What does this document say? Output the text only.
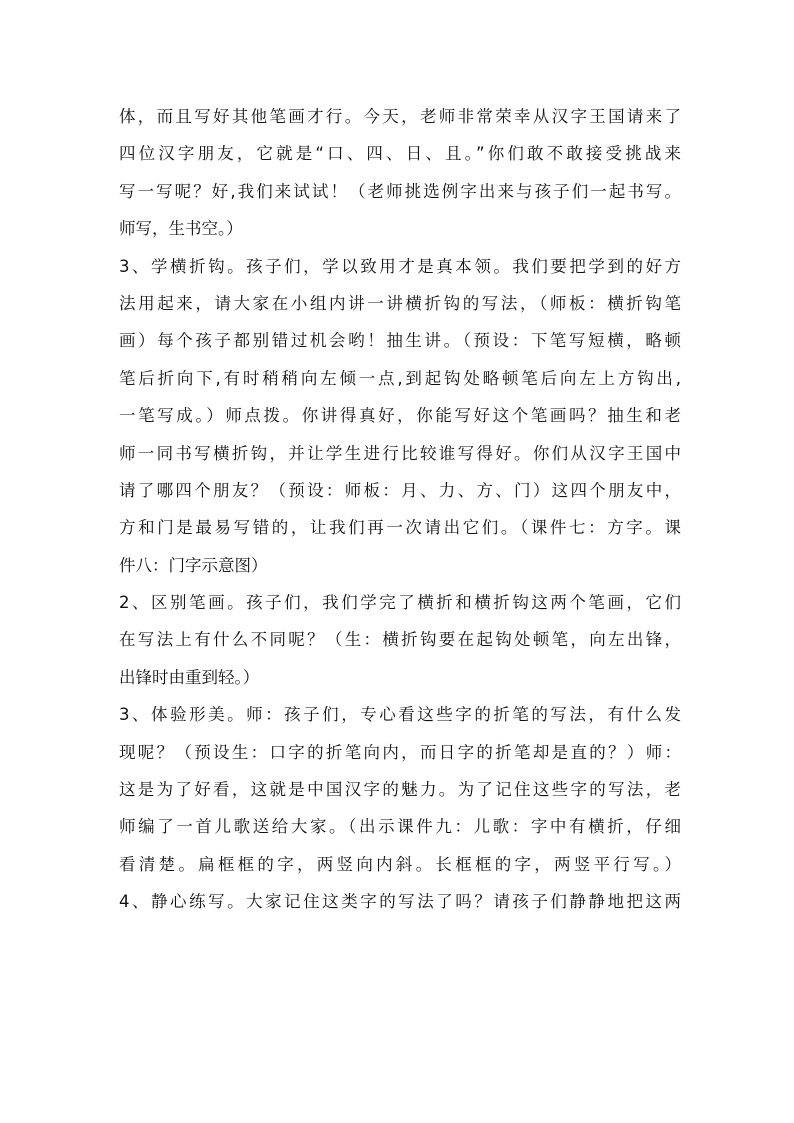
体，而且写好其他笔画才行。今天，老师非常荣幸从汉字王国请来了
四位汉字朋友，它就是“口、四、日、且。”你们敢不敢接受挑战来
写一写呢？好,我们来试试！（老师挑选例字出来与孩子们一起书写。
师写，生书空。）
3、学横折钩。孩子们，学以致用才是真本领。我们要把学到的好方
法用起来，请大家在小组内讲一讲横折钩的写法，（师板：横折钩笔
画）每个孩子都别错过机会哟！抽生讲。（预设：下笔写短横，略顿
笔后折向下,有时稍稍向左倾一点,到起钩处略顿笔后向左上方钩出,
一笔写成。）师点拨。你讲得真好，你能写好这个笔画吗？抽生和老
师一同书写横折钩，并让学生进行比较谁写得好。你们从汉字王国中
请了哪四个朋友？（预设：师板：月、力、方、门）这四个朋友中，
方和门是最易写错的，让我们再一次请出它们。（课件七：方字。课
件八：门字示意图）
2、区别笔画。孩子们，我们学完了横折和横折钩这两个笔画，它们
在写法上有什么不同呢？（生：横折钩要在起钩处顿笔，向左出锋，
出锋时由重到轻。）
3、体验形美。师：孩子们，专心看这些字的折笔的写法，有什么发
现呢？（预设生：口字的折笔向内，而日字的折笔却是直的？）师：
这是为了好看，这就是中国汉字的魅力。为了记住这些字的写法，老
师编了一首儿歌送给大家。（出示课件九：儿歌：字中有横折，仔细
看清楚。扁框框的字，两竖向内斜。长框框的字，两竖平行写。）
4、静心练写。大家记住这类字的写法了吗？请孩子们静静地把这两
